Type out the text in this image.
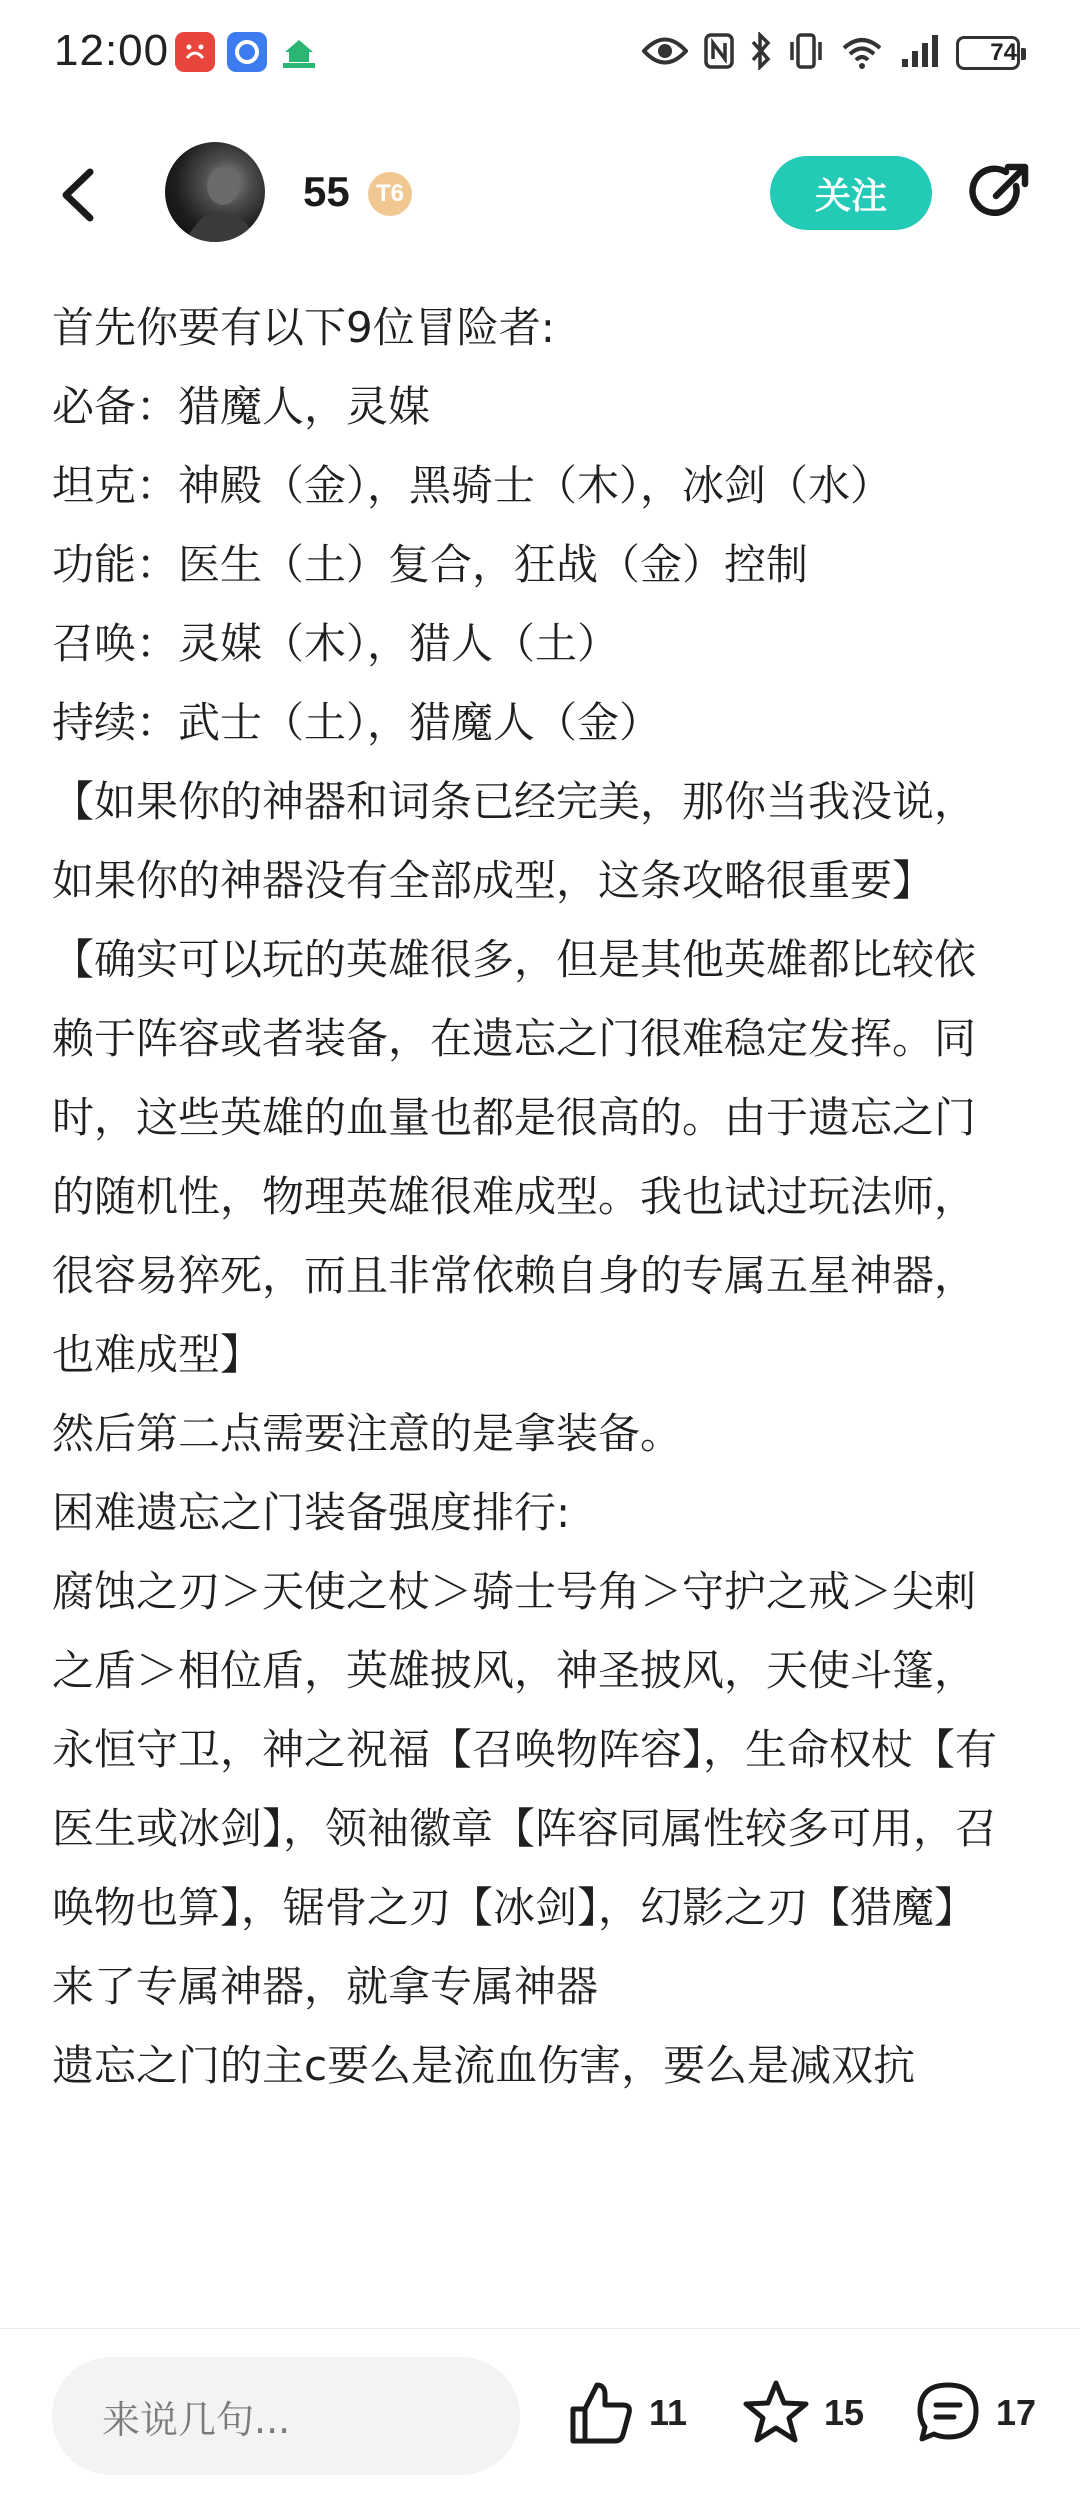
12:00	74
55	T6	关注

首先你要有以下9位冒险者:

必备：猎魔人，灵媒

坦克：神殿（金），黑骑士（木），冰剑（水）

功能：医生（土）复合，狂战（金）控制

召唤：灵媒（木），猎人（土）

持续：武士（土），猎魔人（金）

【如果你的神器和词条已经完美，那你当我没说，如果你的神器没有全部成型，这条攻略很重要】

【确实可以玩的英雄很多，但是其他英雄都比较依赖于阵容或者装备，在遗忘之门很难稳定发挥。同时，这些英雄的血量也都是很高的。由于遗忘之门的随机性，物理英雄很难成型。我也试过玩法师，很容易猝死，而且非常依赖自身的专属五星神器，也难成型】

然后第二点需要注意的是拿装备。

困难遗忘之门装备强度排行:

腐蚀之刃＞天使之杖＞骑士号角＞守护之戒＞尖刺之盾＞相位盾，英雄披风，神圣披风，天使斗篷，永恒守卫，神之祝福【召唤物阵容】，生命权杖【有医生或冰剑】，领袖徽章【阵容同属性较多可用，召唤物也算】，锯骨之刃【冰剑】，幻影之刃【猎魔】

来了专属神器，就拿专属神器

遗忘之门的主c要么是流血伤害，要么是减双抗

来说几句...	11	15	17
